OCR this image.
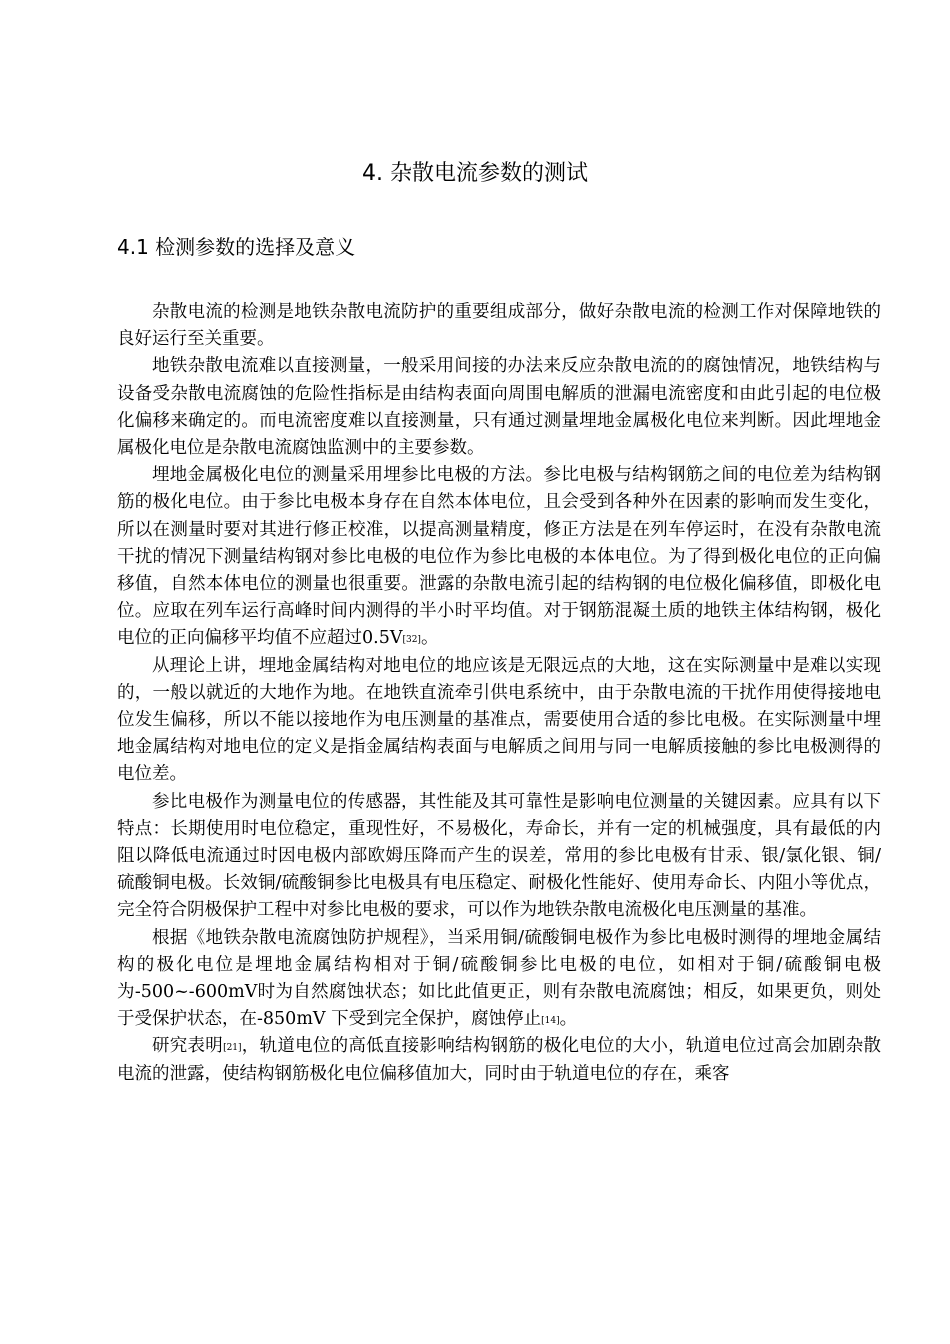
4. 杂散电流参数的测试
4.1 检测参数的选择及意义

杂散电流的检测是地铁杂散电流防护的重要组成部分，做好杂散电流的检测工作对保障地铁的良好运行至关重要。

地铁杂散电流难以直接测量，一般采用间接的办法来反应杂散电流的的腐蚀情况，地铁结构与设备受杂散电流腐蚀的危险性指标是由结构表面向周围电解质的泄漏电流密度和由此引起的电位极化偏移来确定的。而电流密度难以直接测量，只有通过测量埋地金属极化电位来判断。因此埋地金属极化电位是杂散电流腐蚀监测中的主要参数。

埋地金属极化电位的测量采用埋参比电极的方法。参比电极与结构钢筋之间的电位差为结构钢筋的极化电位。由于参比电极本身存在自然本体电位，且会受到各种外在因素的影响而发生变化，所以在测量时要对其进行修正校准，以提高测量精度，修正方法是在列车停运时，在没有杂散电流干扰的情况下测量结构钢对参比电极的电位作为参比电极的本体电位。为了得到极化电位的正向偏移值，自然本体电位的测量也很重要。泄露的杂散电流引起的结构钢的电位极化偏移值，即极化电位。应取在列车运行高峰时间内测得的半小时平均值。对于钢筋混凝土质的地铁主体结构钢，极化电位的正向偏移平均值不应超过0.5V[32]。

从理论上讲，埋地金属结构对地电位的地应该是无限远点的大地，这在实际测量中是难以实现的，一般以就近的大地作为地。在地铁直流牵引供电系统中，由于杂散电流的干扰作用使得接地电位发生偏移，所以不能以接地作为电压测量的基准点，需要使用合适的参比电极。在实际测量中埋地金属结构对地电位的定义是指金属结构表面与电解质之间用与同一电解质接触的参比电极测得的电位差。

参比电极作为测量电位的传感器，其性能及其可靠性是影响电位测量的关键因素。应具有以下特点：长期使用时电位稳定，重现性好，不易极化，寿命长，并有一定的机械强度，具有最低的内阻以降低电流通过时因电极内部欧姆压降而产生的误差，常用的参比电极有甘汞、银/氯化银、铜/硫酸铜电极。长效铜/硫酸铜参比电极具有电压稳定、耐极化性能好、使用寿命长、内阻小等优点，完全符合阴极保护工程中对参比电极的要求，可以作为地铁杂散电流极化电压测量的基准。

根据《地铁杂散电流腐蚀防护规程》，当采用铜/硫酸铜电极作为参比电极时测得的埋地金属结构的极化电位是埋地金属结构相对于铜/硫酸铜参比电极的电位，如相对于铜/硫酸铜电极为-500~-600mV时为自然腐蚀状态；如比此值更正，则有杂散电流腐蚀；相反，如果更负，则处于受保护状态，在-850mV 下受到完全保护，腐蚀停止[14]。

研究表明[21]，轨道电位的高低直接影响结构钢筋的极化电位的大小，轨道电位过高会加剧杂散电流的泄露，使结构钢筋极化电位偏移值加大，同时由于轨道电位的存在，乘客
